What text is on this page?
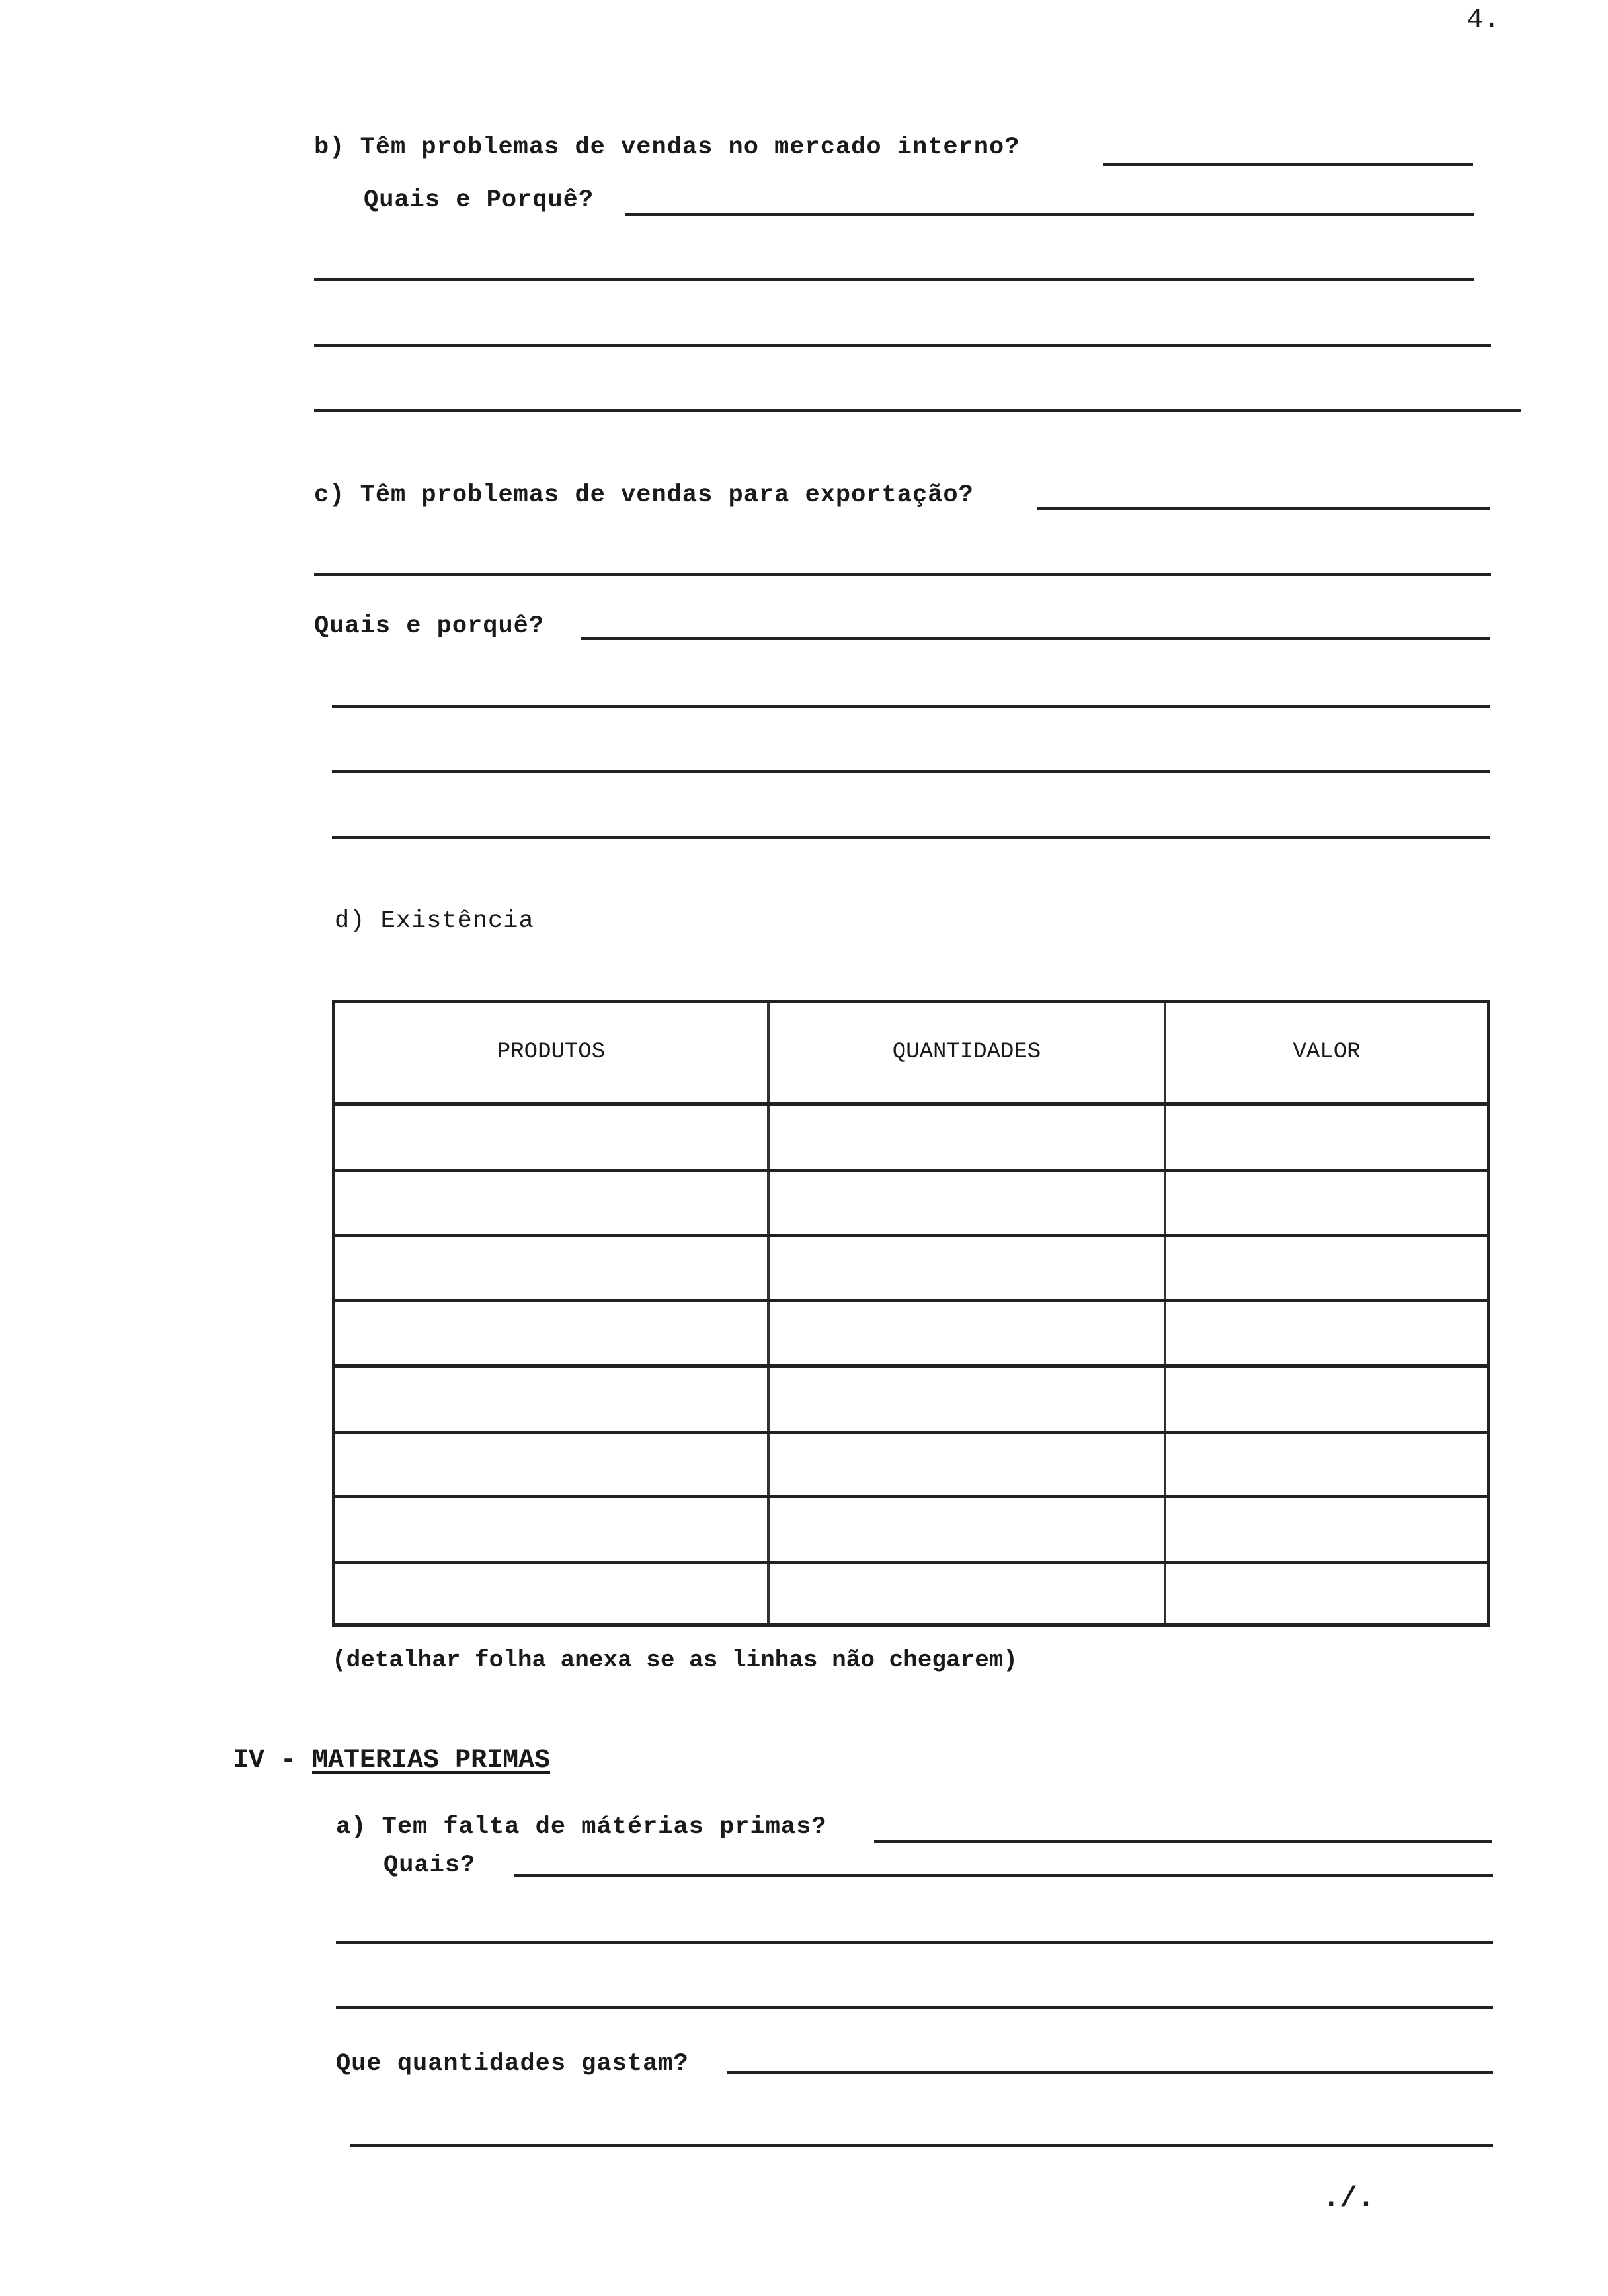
4.
b) Têm problemas de vendas no mercado interno?
Quais e Porquê?
c) Têm problemas de vendas para exportação?
Quais e porquê?
d) Existência
PRODUTOS	QUANTIDADES	VALOR
(detalhar folha anexa se as linhas não chegarem)
IV - MATERIAS PRIMAS
a) Tem falta de mátérias primas?
Quais?
Que quantidades gastam?
./.
